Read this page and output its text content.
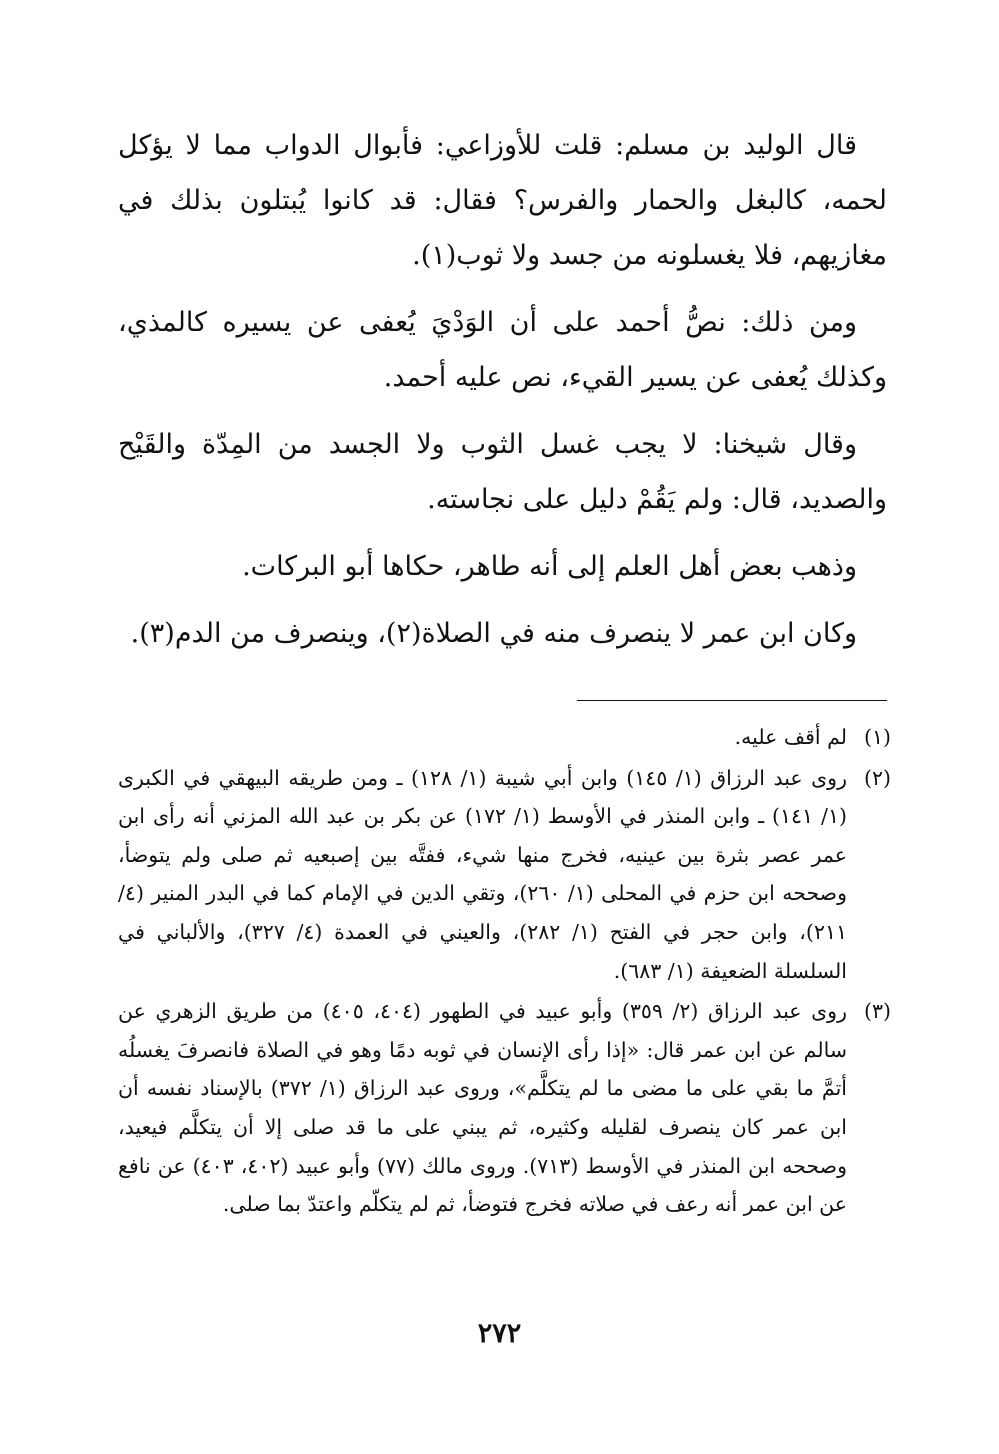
قال الوليد بن مسلم: قلت للأوزاعي: فأبوال الدواب مما لا يؤكل لحمه، كالبغل والحمار والفرس؟ فقال: قد كانوا يُبتلون بذلك في مغازيهم، فلا يغسلونه من جسد ولا ثوب(١).

ومن ذلك: نصُّ أحمد على أن الوَدْيَ يُعفى عن يسيره كالمذي، وكذلك يُعفى عن يسير القيء، نص عليه أحمد.

وقال شيخنا: لا يجب غسل الثوب ولا الجسد من المِدّة والقَيْح والصديد، قال: ولم يَقُمْ دليل على نجاسته.

وذهب بعض أهل العلم إلى أنه طاهر، حكاها أبو البركات.

وكان ابن عمر لا ينصرف منه في الصلاة(٢)، وينصرف من الدم(٣).

(١)
لم أقف عليه.
(٢)
روى عبد الرزاق (١/ ١٤٥) وابن أبي شيبة (١/ ١٢٨) ـ ومن طريقه البيهقي في الكبرى (١/ ١٤١) ـ وابن المنذر في الأوسط (١/ ١٧٢) عن بكر بن عبد الله المزني أنه رأى ابن عمر عصر بثرة بين عينيه، فخرج منها شيء، ففتَّه بين إصبعيه ثم صلى ولم يتوضأ، وصححه ابن حزم في المحلى (١/ ٢٦٠)، وتقي الدين في الإمام كما في البدر المنير (٤/ ٢١١)، وابن حجر في الفتح (١/ ٢٨٢)، والعيني في العمدة (٤/ ٣٢٧)، والألباني في السلسلة الضعيفة (١/ ٦٨٣).
(٣)
روى عبد الرزاق (٢/ ٣٥٩) وأبو عبيد في الطهور (٤٠٤، ٤٠٥) من طريق الزهري عن سالم عن ابن عمر قال: «إذا رأى الإنسان في ثوبه دمًا وهو في الصلاة فانصرفَ يغسلُه أتمَّ ما بقي على ما مضى ما لم يتكلَّم»، وروى عبد الرزاق (١/ ٣٧٢) بالإسناد نفسه أن ابن عمر كان ينصرف لقليله وكثيره، ثم يبني على ما قد صلى إلا أن يتكلَّم فيعيد، وصححه ابن المنذر في الأوسط (٧١٣). وروى مالك (٧٧) وأبو عبيد (٤٠٢، ٤٠٣) عن نافع عن ابن عمر أنه رعف في صلاته فخرج فتوضأ، ثم لم يتكلّم واعتدّ بما صلى.
٢٧٢
